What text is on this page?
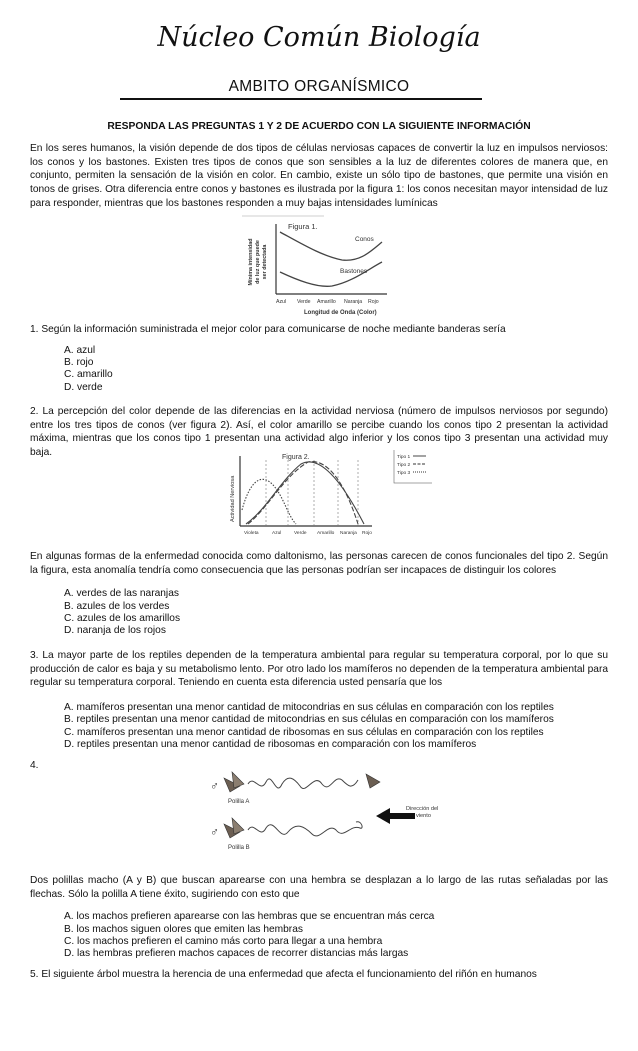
Núcleo Común Biología
AMBITO ORGANÍSMICO
RESPONDA LAS PREGUNTAS 1 Y 2 DE ACUERDO CON LA SIGUIENTE INFORMACIÓN

En los seres humanos, la visión depende de dos tipos de células nerviosas capaces de convertir la luz en impulsos nerviosos: los conos y los bastones. Existen tres tipos de conos que son sensibles a la luz de diferentes colores de manera que, en conjunto, permiten la sensación de la visión en color. En cambio, existe un sólo tipo de bastones, que permite una visión en tonos de grises. Otra diferencia entre conos y bastones es ilustrada por la figura 1: los conos necesitan mayor intensidad de luz para responder, mientras que los bastones responden a muy bajas intensidades lumínicas

Figura 1.
Mínima intensidad de luz que puede ser detectada
Conos
Bastones
Azul Verde Amarillo Naranja Rojo
Longitud de Onda (Color)

1. Según la información suministrada el mejor color para comunicarse de noche mediante banderas sería

A. azul
B. rojo
C. amarillo
D. verde

2. La percepción del color depende de las diferencias en la actividad nerviosa (número de impulsos nerviosos por segundo) entre los tres tipos de conos (ver figura 2). Así, el color amarillo se percibe cuando los conos tipo 2 presentan la actividad máxima, mientras que los conos tipo 1 presentan una actividad algo inferior y los conos tipo 3 presentan una actividad muy baja.	Figura 2.
Actividad Nerviosa
Tipo 1
Tipo 2
Tipo 3
Violeta	Azul	Verde Amarillo Naranja Rojo

En algunas formas de la enfermedad conocida como daltonismo, las personas carecen de conos funcionales del tipo 2. Según la figura, esta anomalía tendría como consecuencia que las personas podrían ser incapaces de distinguir los colores

A. verdes de las naranjas
B. azules de los verdes
C. azules de los amarillos
D. naranja de los rojos

3. La mayor parte de los reptiles dependen de la temperatura ambiental para regular su temperatura corporal, por lo que su producción de calor es baja y su metabolismo lento. Por otro lado los mamíferos no dependen de la temperatura ambiental para regular su temperatura corporal. Teniendo en cuenta esta diferencia usted pensaría que los

A. mamíferos presentan una menor cantidad de mitocondrias en sus células en comparación con los reptiles
B. reptiles presentan una menor cantidad de mitocondrias en sus células en comparación con los mamíferos
C. mamíferos presentan una menor cantidad de ribosomas en sus células en comparación con los reptiles
D. reptiles presentan una menor cantidad de ribosomas en comparación con los mamíferos

4.

♂
Polilla A
Dirección del
viento
♂
Polilla B

Dos polillas macho (A y B) que buscan aparearse con una hembra se desplazan a lo largo de las rutas señaladas por las flechas. Sólo la polilla A tiene éxito, sugiriendo con esto que

A. los machos prefieren aparearse con las hembras que se encuentran más cerca
B. los machos siguen olores que emiten las hembras
C. los machos prefieren el camino más corto para llegar a una hembra
D. las hembras prefieren machos capaces de recorrer distancias más largas

5. El siguiente árbol muestra la herencia de una enfermedad que afecta el funcionamiento del riñón en humanos
